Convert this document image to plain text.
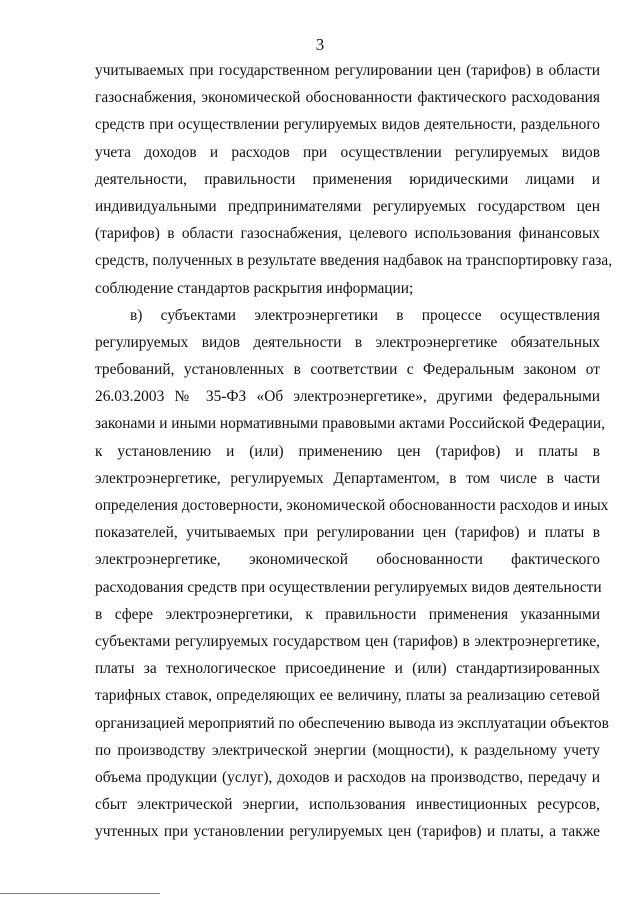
3
учитываемых при государственном регулировании цен (тарифов) в области
газоснабжения, экономической обоснованности фактического расходования
средств при осуществлении регулируемых видов деятельности, раздельного
учета доходов и расходов при осуществлении регулируемых видов
деятельности, правильности применения юридическими лицами и
индивидуальными предпринимателями регулируемых государством цен
(тарифов) в области газоснабжения, целевого использования финансовых
средств, полученных в результате введения надбавок на транспортировку газа,
соблюдение стандартов раскрытия информации;
в) субъектами электроэнергетики в процессе осуществления
регулируемых видов деятельности в электроэнергетике обязательных
требований, установленных в соответствии с Федеральным законом от
26.03.2003 № 35-ФЗ «Об электроэнергетике», другими федеральными
законами и иными нормативными правовыми актами Российской Федерации,
к установлению и (или) применению цен (тарифов) и платы в
электроэнергетике, регулируемых Департаментом, в том числе в части
определения достоверности, экономической обоснованности расходов и иных
показателей, учитываемых при регулировании цен (тарифов) и платы в
электроэнергетике, экономической обоснованности фактического
расходования средств при осуществлении регулируемых видов деятельности
в сфере электроэнергетики, к правильности применения указанными
субъектами регулируемых государством цен (тарифов) в электроэнергетике,
платы за технологическое присоединение и (или) стандартизированных
тарифных ставок, определяющих ее величину, платы за реализацию сетевой
организацией мероприятий по обеспечению вывода из эксплуатации объектов
по производству электрической энергии (мощности), к раздельному учету
объема продукции (услуг), доходов и расходов на производство, передачу и
сбыт электрической энергии, использования инвестиционных ресурсов,
учтенных при установлении регулируемых цен (тарифов) и платы, а также
